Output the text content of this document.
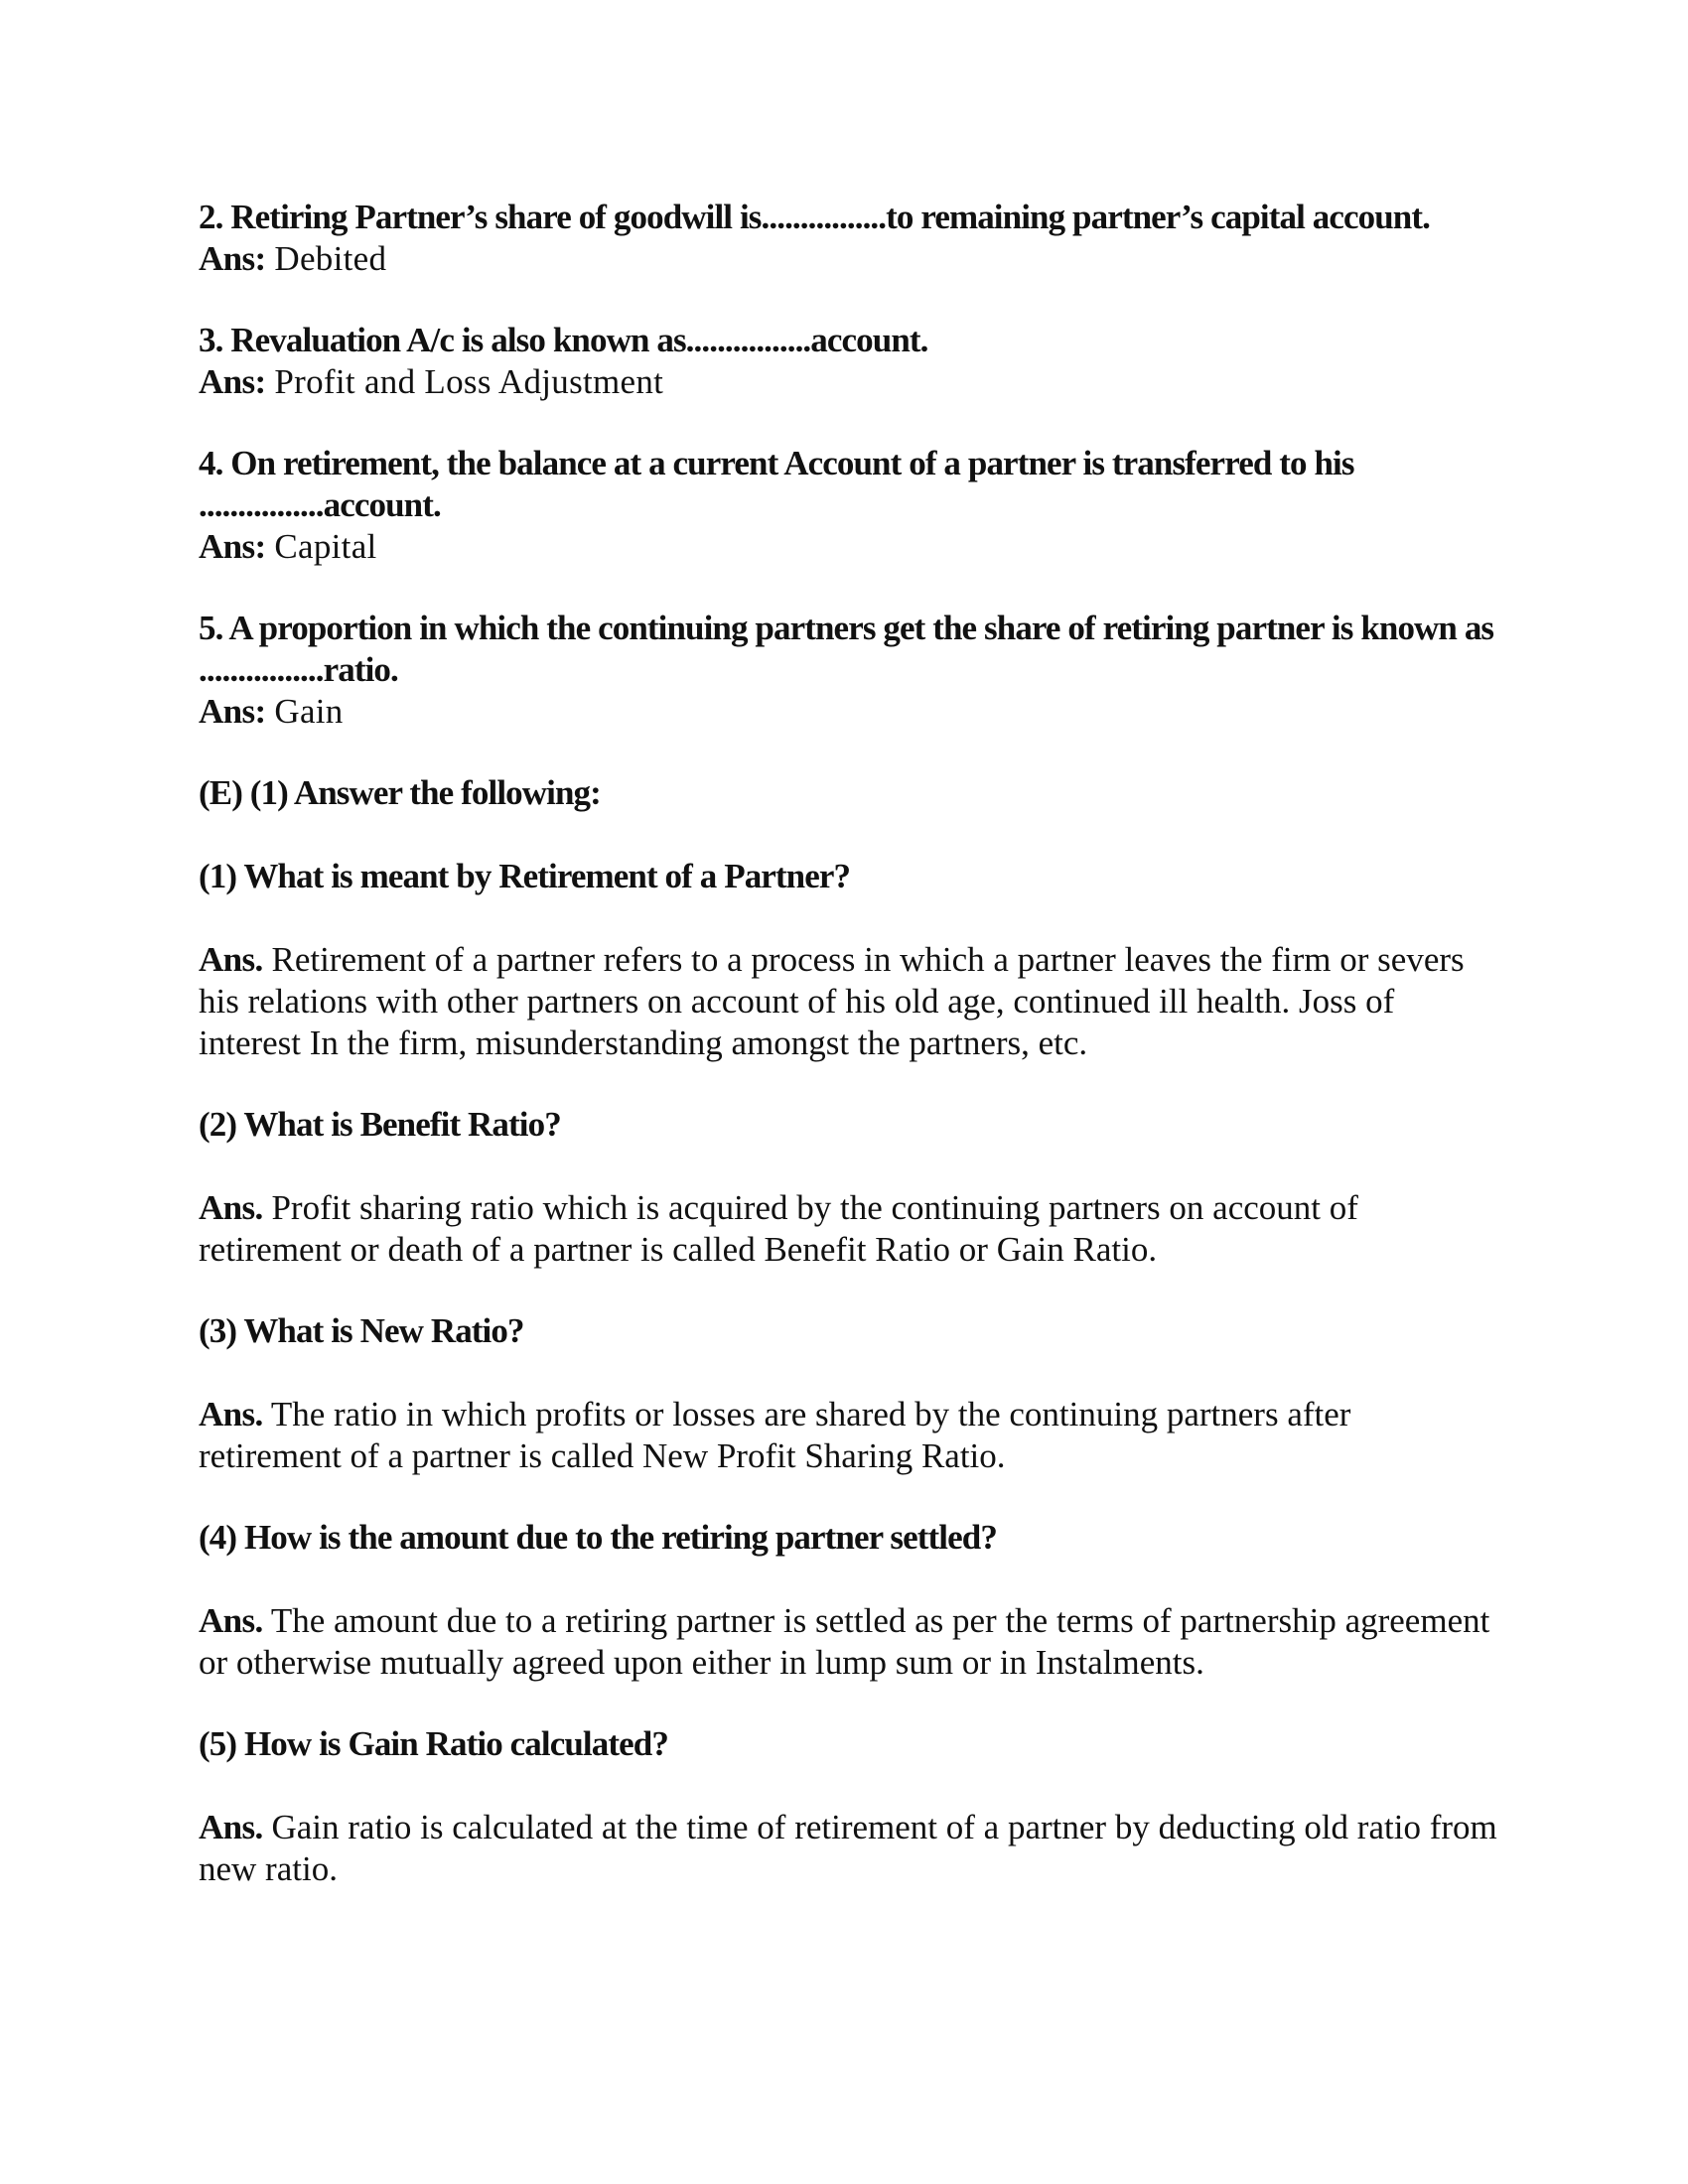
2. Retiring Partner’s share of goodwill is................to remaining partner’s capital account.

Ans: Debited

3. Revaluation A/c is also known as................account.

Ans: Profit and Loss Adjustment

4. On retirement, the balance at a current Account of a partner is transferred to his ................account.

Ans: Capital

5. A proportion in which the continuing partners get the share of retiring partner is known as ................ratio.

Ans: Gain

(E) (1) Answer the following:

(1) What is meant by Retirement of a Partner?

Ans. Retirement of a partner refers to a process in which a partner leaves the firm or severs his relations with other partners on account of his old age, continued ill health. Joss of interest In the firm, misunderstanding amongst the partners, etc.

(2) What is Benefit Ratio?

Ans. Profit sharing ratio which is acquired by the continuing partners on account of retirement or death of a partner is called Benefit Ratio or Gain Ratio.

(3) What is New Ratio?

Ans. The ratio in which profits or losses are shared by the continuing partners after retirement of a partner is called New Profit Sharing Ratio.

(4) How is the amount due to the retiring partner settled?

Ans. The amount due to a retiring partner is settled as per the terms of partnership agreement or otherwise mutually agreed upon either in lump sum or in Instalments.

(5) How is Gain Ratio calculated?

Ans. Gain ratio is calculated at the time of retirement of a partner by deducting old ratio from new ratio.
